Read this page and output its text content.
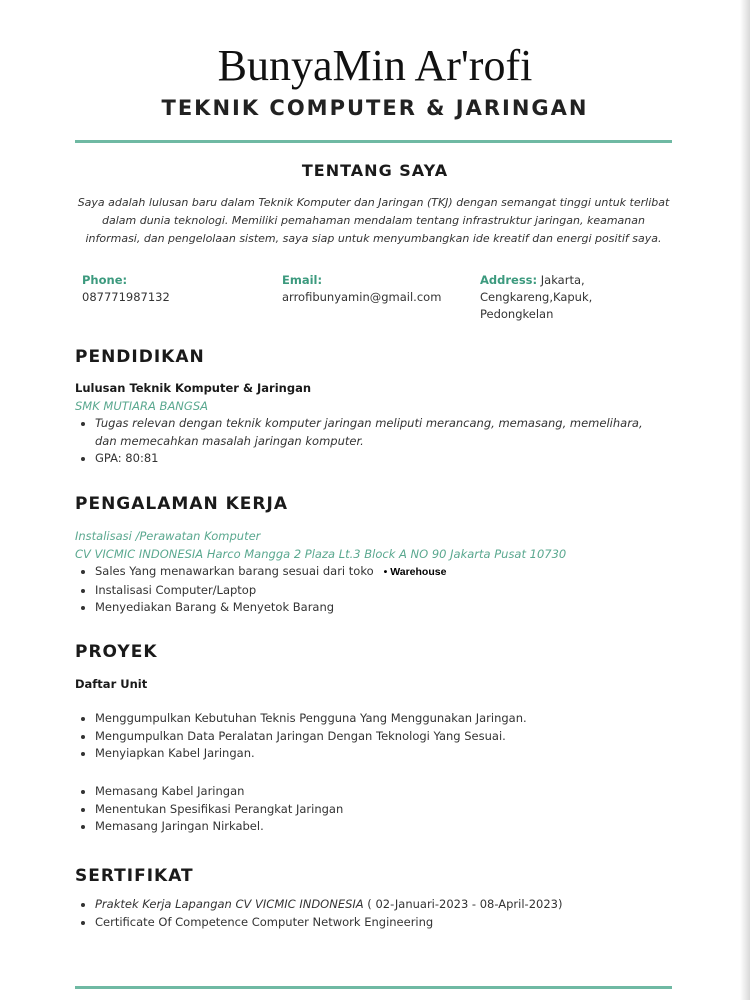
BunyaMin Ar'rofi
TEKNIK COMPUTER & JARINGAN
TENTANG SAYA
Saya adalah lulusan baru dalam Teknik Komputer dan Jaringan (TKJ) dengan semangat tinggi untuk terlibat dalam dunia teknologi. Memiliki pemahaman mendalam tentang infrastruktur jaringan, keamanan informasi, dan pengelolaan sistem, saya siap untuk menyumbangkan ide kreatif dan energi positif saya.
Phone:
087771987132
Email:
arrofibunyamin@gmail.com
Address: Jakarta,
Cengkareng,Kapuk,
Pedongkelan
PENDIDIKAN
Lulusan Teknik Komputer & Jaringan
SMK MUTIARA BANGSA
• Tugas relevan dengan teknik komputer jaringan meliputi merancang, memasang, memelihara, dan memecahkan masalah jaringan komputer.
• GPA: 80:81
PENGALAMAN KERJA
Instalisasi /Perawatan Komputer
CV VICMIC INDONESIA Harco Mangga 2 Plaza Lt.3 Block A NO 90 Jakarta Pusat 10730
• Sales Yang menawarkan barang sesuai dari toko • Warehouse
• Instalisasi Computer/Laptop
• Menyediakan Barang & Menyetok Barang
PROYEK
Daftar Unit
• Menggumpulkan Kebutuhan Teknis Pengguna Yang Menggunakan Jaringan.
• Mengumpulkan Data Peralatan Jaringan Dengan Teknologi Yang Sesuai.
• Menyiapkan Kabel Jaringan.
• Memasang Kabel Jaringan
• Menentukan Spesifikasi Perangkat Jaringan
• Memasang Jaringan Nirkabel.
SERTIFIKAT
• Praktek Kerja Lapangan CV VICMIC INDONESIA ( 02-Januari-2023 - 08-April-2023)
• Certificate Of Competence Computer Network Engineering
